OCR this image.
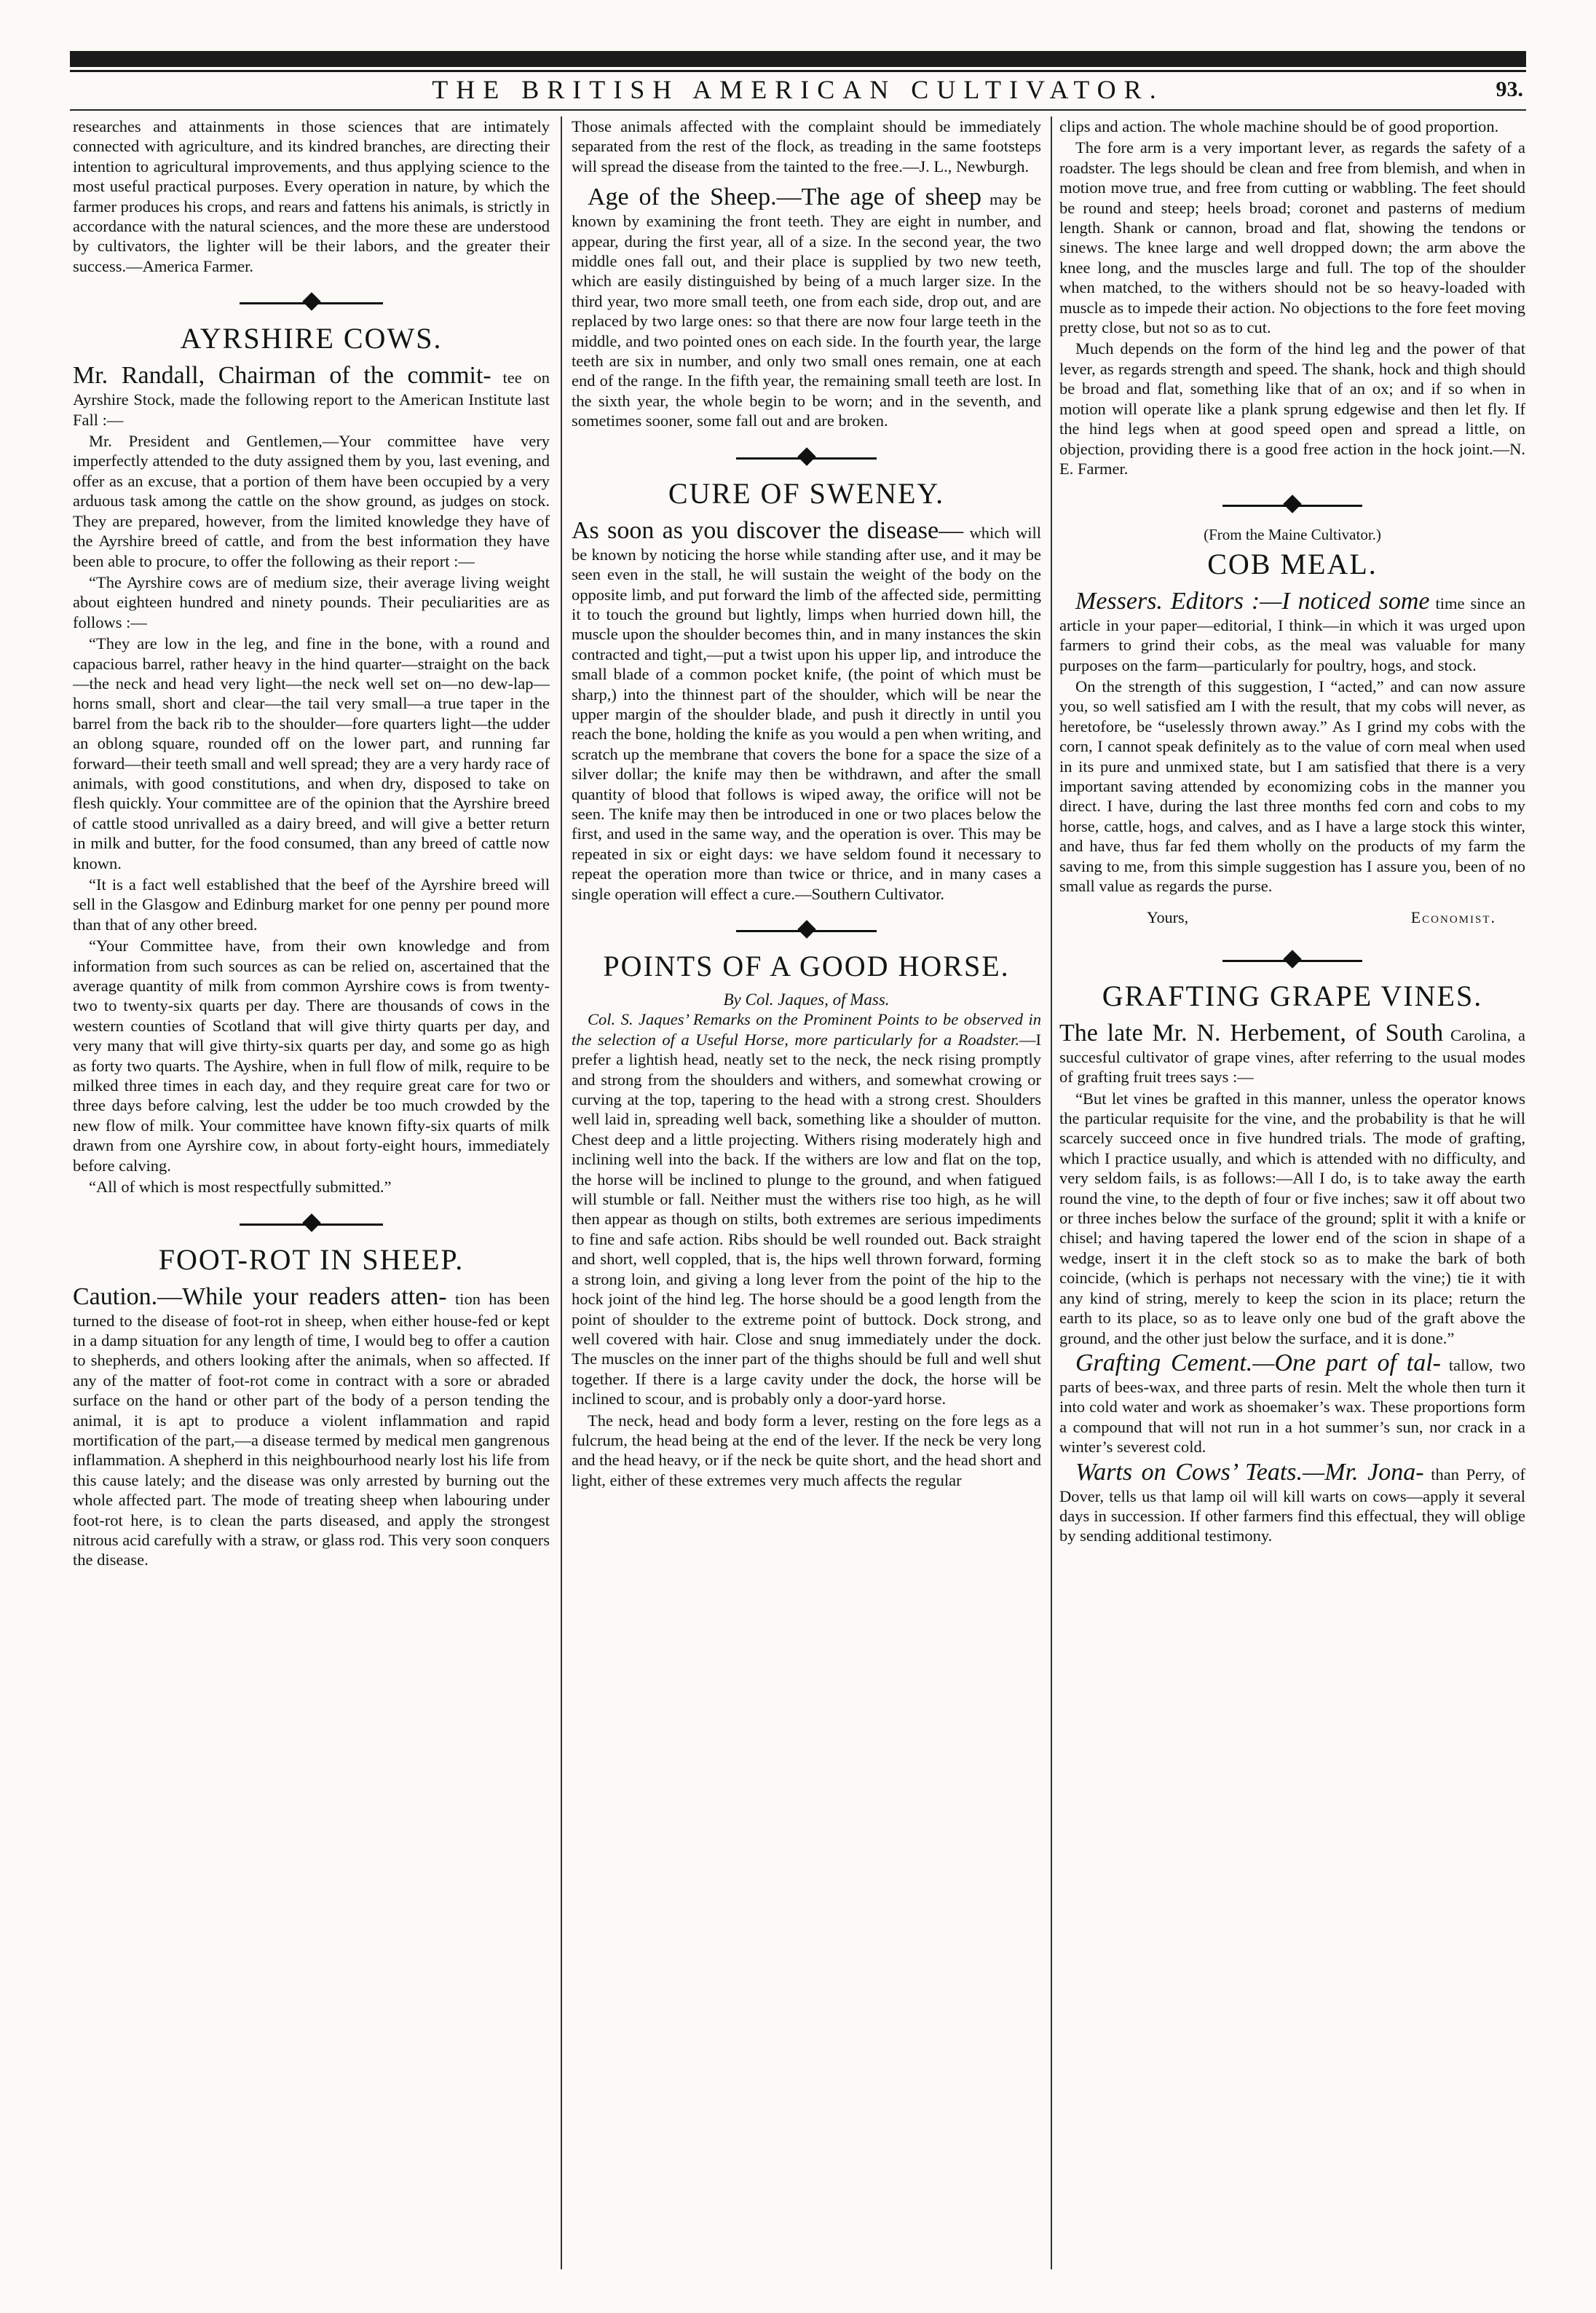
THE BRITISH AMERICAN CULTIVATOR.	93.

researches and attainments in those sciences that are intimately connected with agriculture, and its kindred branches, are directing their intention to agricultural improvements, and thus applying science to the most useful practical purposes. Every operation in nature, by which the farmer produces his crops, and rears and fattens his animals, is strictly in accordance with the natural sciences, and the more these are understood by cultivators, the lighter will be their labors, and the greater their success.—America Farmer.

AYRSHIRE COWS.

Mr. Randall, Chairman of the commit- tee on Ayrshire Stock, made the following report to the American Institute last Fall :—

Mr. President and Gentlemen,—Your committee have very imperfectly attended to the duty assigned them by you, last evening, and offer as an excuse, that a portion of them have been occupied by a very arduous task among the cattle on the show ground, as judges on stock. They are prepared, however, from the limited knowledge they have of the Ayrshire breed of cattle, and from the best information they have been able to procure, to offer the following as their report :—

“The Ayrshire cows are of medium size, their average living weight about eighteen hundred and ninety pounds. Their peculiarities are as follows :—

“They are low in the leg, and fine in the bone, with a round and capacious barrel, rather heavy in the hind quarter—straight on the back—the neck and head very light—the neck well set on—no dew-lap—horns small, short and clear—the tail very small—a true taper in the barrel from the back rib to the shoulder—fore quarters light—the udder an oblong square, rounded off on the lower part, and running far forward—their teeth small and well spread; they are a very hardy race of animals, with good constitutions, and when dry, disposed to take on flesh quickly. Your committee are of the opinion that the Ayrshire breed of cattle stood unrivalled as a dairy breed, and will give a better return in milk and butter, for the food consumed, than any breed of cattle now known.

“It is a fact well established that the beef of the Ayrshire breed will sell in the Glasgow and Edinburg market for one penny per pound more than that of any other breed.

“Your Committee have, from their own knowledge and from information from such sources as can be relied on, ascertained that the average quantity of milk from common Ayrshire cows is from twenty-two to twenty-six quarts per day. There are thousands of cows in the western counties of Scotland that will give thirty quarts per day, and very many that will give thirty-six quarts per day, and some go as high as forty two quarts. The Ayshire, when in full flow of milk, require to be milked three times in each day, and they require great care for two or three days before calving, lest the udder be too much crowded by the new flow of milk. Your committee have known fifty-six quarts of milk drawn from one Ayrshire cow, in about forty-eight hours, immediately before calving.

“All of which is most respectfully submitted.”

FOOT-ROT IN SHEEP.

Caution.—While your readers atten- tion has been turned to the disease of foot-rot in sheep, when either house-fed or kept in a damp situation for any length of time, I would beg to offer a caution to shepherds, and others looking after the animals, when so affected. If any of the matter of foot-rot come in contract with a sore or abraded surface on the hand or other part of the body of a person tending the animal, it is apt to produce a violent inflammation and rapid mortification of the part,—a disease termed by medical men gangrenous inflammation. A shepherd in this neighbourhood nearly lost his life from this cause lately; and the disease was only arrested by burning out the whole affected part. The mode of treating sheep when labouring under foot-rot here, is to clean the parts diseased, and apply the strongest nitrous acid carefully with a straw, or glass rod. This very soon conquers the disease.

Those animals affected with the complaint should be immediately separated from the rest of the flock, as treading in the same footsteps will spread the disease from the tainted to the free.—J. L., Newburgh.

Age of the Sheep.—The age of sheep may be known by examining the front teeth. They are eight in number, and appear, during the first year, all of a size. In the second year, the two middle ones fall out, and their place is supplied by two new teeth, which are easily distinguished by being of a much larger size. In the third year, two more small teeth, one from each side, drop out, and are replaced by two large ones: so that there are now four large teeth in the middle, and two pointed ones on each side. In the fourth year, the large teeth are six in number, and only two small ones remain, one at each end of the range. In the fifth year, the remaining small teeth are lost. In the sixth year, the whole begin to be worn; and in the seventh, and sometimes sooner, some fall out and are broken.

CURE OF SWENEY.

As soon as you discover the disease— which will be known by noticing the horse while standing after use, and it may be seen even in the stall, he will sustain the weight of the body on the opposite limb, and put forward the limb of the affected side, permitting it to touch the ground but lightly, limps when hurried down hill, the muscle upon the shoulder becomes thin, and in many instances the skin contracted and tight,—put a twist upon his upper lip, and introduce the small blade of a common pocket knife, (the point of which must be sharp,) into the thinnest part of the shoulder, which will be near the upper margin of the shoulder blade, and push it directly in until you reach the bone, holding the knife as you would a pen when writing, and scratch up the membrane that covers the bone for a space the size of a silver dollar; the knife may then be withdrawn, and after the small quantity of blood that follows is wiped away, the orifice will not be seen. The knife may then be introduced in one or two places below the first, and used in the same way, and the operation is over. This may be repeated in six or eight days: we have seldom found it necessary to repeat the operation more than twice or thrice, and in many cases a single operation will effect a cure.—Southern Cultivator.

POINTS OF A GOOD HORSE.
By Col. Jaques, of Mass.

Col. S. Jaques’ Remarks on the Prominent Points to be observed in the selection of a Useful Horse, more particularly for a Roadster.—I prefer a lightish head, neatly set to the neck, the neck rising promptly and strong from the shoulders and withers, and somewhat crowing or curving at the top, tapering to the head with a strong crest. Shoulders well laid in, spreading well back, something like a shoulder of mutton. Chest deep and a little projecting. Withers rising moderately high and inclining well into the back. If the withers are low and flat on the top, the horse will be inclined to plunge to the ground, and when fatigued will stumble or fall. Neither must the withers rise too high, as he will then appear as though on stilts, both extremes are serious impediments to fine and safe action. Ribs should be well rounded out. Back straight and short, well coppled, that is, the hips well thrown forward, forming a strong loin, and giving a long lever from the point of the hip to the hock joint of the hind leg. The horse should be a good length from the point of shoulder to the extreme point of buttock. Dock strong, and well covered with hair. Close and snug immediately under the dock. The muscles on the inner part of the thighs should be full and well shut together. If there is a large cavity under the dock, the horse will be inclined to scour, and is probably only a door-yard horse.

The neck, head and body form a lever, resting on the fore legs as a fulcrum, the head being at the end of the lever. If the neck be very long and the head heavy, or if the neck be quite short, and the head short and light, either of these extremes very much affects the regular

clips and action. The whole machine should be of good proportion.

The fore arm is a very important lever, as regards the safety of a roadster. The legs should be clean and free from blemish, and when in motion move true, and free from cutting or wabbling. The feet should be round and steep; heels broad; coronet and pasterns of medium length. Shank or cannon, broad and flat, showing the tendons or sinews. The knee large and well dropped down; the arm above the knee long, and the muscles large and full. The top of the shoulder when matched, to the withers should not be so heavy-loaded with muscle as to impede their action. No objections to the fore feet moving pretty close, but not so as to cut.

Much depends on the form of the hind leg and the power of that lever, as regards strength and speed. The shank, hock and thigh should be broad and flat, something like that of an ox; and if so when in motion will operate like a plank sprung edgewise and then let fly. If the hind legs when at good speed open and spread a little, on objection, providing there is a good free action in the hock joint.—N. E. Farmer.

(From the Maine Cultivator.)
COB MEAL.

Messers. Editors :—I noticed some time since an article in your paper—editorial, I think—in which it was urged upon farmers to grind their cobs, as the meal was valuable for many purposes on the farm—particularly for poultry, hogs, and stock.

On the strength of this suggestion, I “acted,” and can now assure you, so well satisfied am I with the result, that my cobs will never, as heretofore, be “uselessly thrown away.” As I grind my cobs with the corn, I cannot speak definitely as to the value of corn meal when used in its pure and unmixed state, but I am satisfied that there is a very important saving attended by economizing cobs in the manner you direct. I have, during the last three months fed corn and cobs to my horse, cattle, hogs, and calves, and as I have a large stock this winter, and have, thus far fed them wholly on the products of my farm the saving to me, from this simple suggestion has I assure you, been of no small value as regards the purse.

Yours,	Economist.
GRAFTING GRAPE VINES.

The late Mr. N. Herbement, of South Carolina, a succesful cultivator of grape vines, after referring to the usual modes of grafting fruit trees says :—

“But let vines be grafted in this manner, unless the operator knows the particular requisite for the vine, and the probability is that he will scarcely succeed once in five hundred trials. The mode of grafting, which I practice usually, and which is attended with no difficulty, and very seldom fails, is as follows:—All I do, is to take away the earth round the vine, to the depth of four or five inches; saw it off about two or three inches below the surface of the ground; split it with a knife or chisel; and having tapered the lower end of the scion in shape of a wedge, insert it in the cleft stock so as to make the bark of both coincide, (which is perhaps not necessary with the vine;) tie it with any kind of string, merely to keep the scion in its place; return the earth to its place, so as to leave only one bud of the graft above the ground, and the other just below the surface, and it is done.”

Grafting Cement.—One part of tal- tallow, two parts of bees-wax, and three parts of resin. Melt the whole then turn it into cold water and work as shoemaker’s wax. These proportions form a compound that will not run in a hot summer’s sun, nor crack in a winter’s severest cold.

Warts on Cows’ Teats.—Mr. Jona- than Perry, of Dover, tells us that lamp oil will kill warts on cows—apply it several days in succession. If other farmers find this effectual, they will oblige by sending additional testimony.
